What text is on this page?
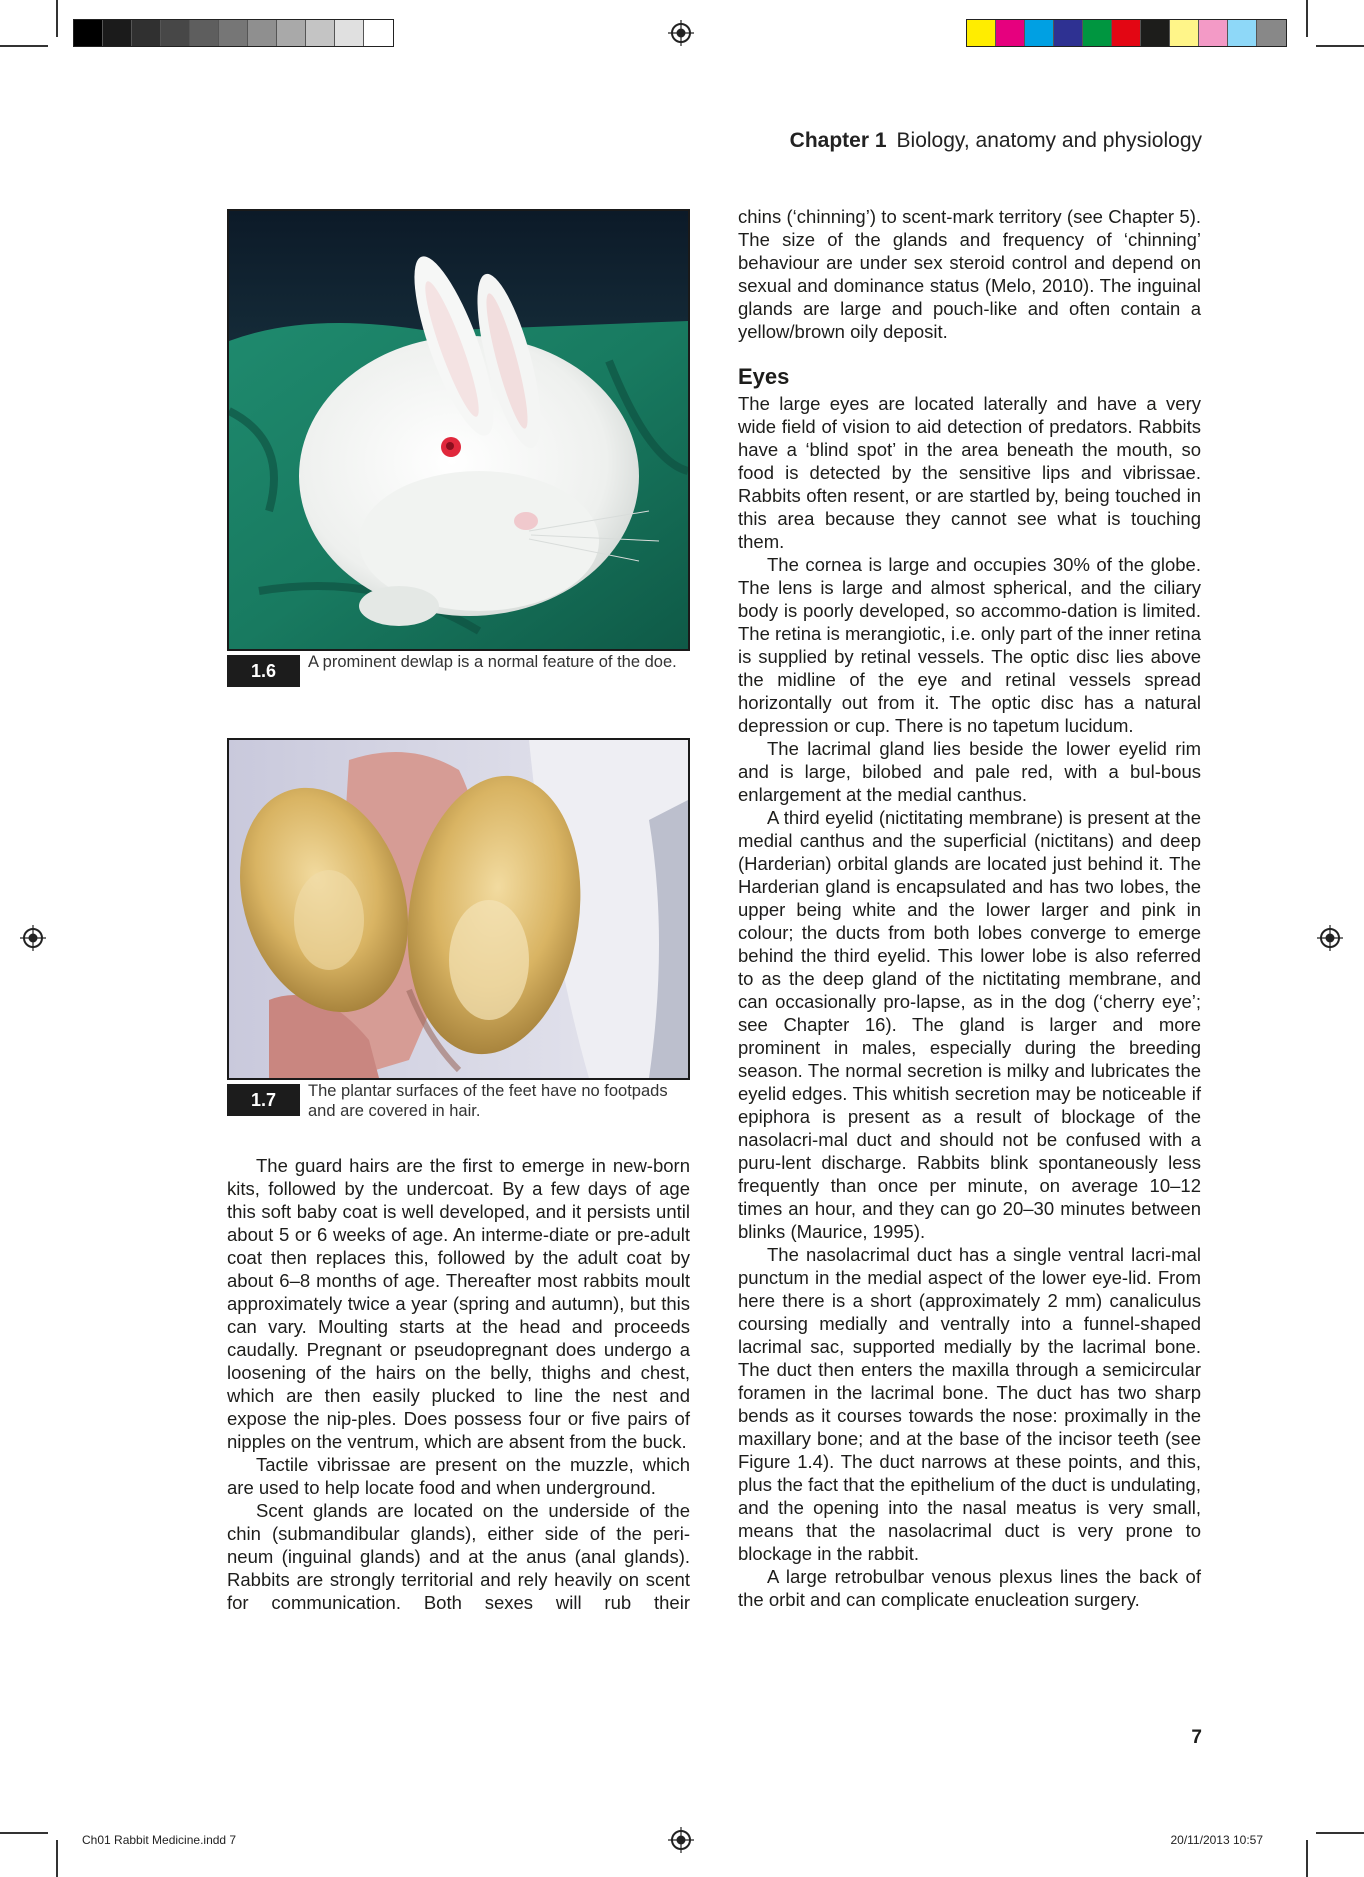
Chapter 1 Biology, anatomy and physiology
1.6	A prominent dewlap is a normal feature of the doe.
1.7	The plantar surfaces of the feet have no footpads and are covered in hair.

The guard hairs are the first to emerge in new-born kits, followed by the undercoat. By a few days of age this soft baby coat is well developed, and it persists until about 5 or 6 weeks of age. An interme-diate or pre-adult coat then replaces this, followed by the adult coat by about 6–8 months of age. Thereafter most rabbits moult approximately twice a year (spring and autumn), but this can vary. Moulting starts at the head and proceeds caudally. Pregnant or pseudopregnant does undergo a loosening of the hairs on the belly, thighs and chest, which are then easily plucked to line the nest and expose the nip-ples. Does possess four or five pairs of nipples on the ventrum, which are absent from the buck.

Tactile vibrissae are present on the muzzle, which are used to help locate food and when underground.

Scent glands are located on the underside of the chin (submandibular glands), either side of the peri-neum (inguinal glands) and at the anus (anal glands). Rabbits are strongly territorial and rely heavily on scent for communication. Both sexes will rub their

chins (‘chinning’) to scent-mark territory (see Chapter 5). The size of the glands and frequency of ‘chinning’ behaviour are under sex steroid control and depend on sexual and dominance status (Melo, 2010). The inguinal glands are large and pouch-like and often contain a yellow/brown oily deposit.

Eyes

The large eyes are located laterally and have a very wide field of vision to aid detection of predators. Rabbits have a ‘blind spot’ in the area beneath the mouth, so food is detected by the sensitive lips and vibrissae. Rabbits often resent, or are startled by, being touched in this area because they cannot see what is touching them.

The cornea is large and occupies 30% of the globe. The lens is large and almost spherical, and the ciliary body is poorly developed, so accommo-dation is limited. The retina is merangiotic, i.e. only part of the inner retina is supplied by retinal vessels. The optic disc lies above the midline of the eye and retinal vessels spread horizontally out from it. The optic disc has a natural depression or cup. There is no tapetum lucidum.

The lacrimal gland lies beside the lower eyelid rim and is large, bilobed and pale red, with a bul-bous enlargement at the medial canthus.

A third eyelid (nictitating membrane) is present at the medial canthus and the superficial (nictitans) and deep (Harderian) orbital glands are located just behind it. The Harderian gland is encapsulated and has two lobes, the upper being white and the lower larger and pink in colour; the ducts from both lobes converge to emerge behind the third eyelid. This lower lobe is also referred to as the deep gland of the nictitating membrane, and can occasionally pro-lapse, as in the dog (‘cherry eye’; see Chapter 16). The gland is larger and more prominent in males, especially during the breeding season. The normal secretion is milky and lubricates the eyelid edges. This whitish secretion may be noticeable if epiphora is present as a result of blockage of the nasolacri-mal duct and should not be confused with a puru-lent discharge. Rabbits blink spontaneously less frequently than once per minute, on average 10–12 times an hour, and they can go 20–30 minutes between blinks (Maurice, 1995).

The nasolacrimal duct has a single ventral lacri-mal punctum in the medial aspect of the lower eye-lid. From here there is a short (approximately 2 mm) canaliculus coursing medially and ventrally into a funnel-shaped lacrimal sac, supported medially by the lacrimal bone. The duct then enters the maxilla through a semicircular foramen in the lacrimal bone. The duct has two sharp bends as it courses towards the nose: proximally in the maxillary bone; and at the base of the incisor teeth (see Figure 1.4). The duct narrows at these points, and this, plus the fact that the epithelium of the duct is undulating, and the opening into the nasal meatus is very small, means that the nasolacrimal duct is very prone to blockage in the rabbit.

A large retrobulbar venous plexus lines the back of the orbit and can complicate enucleation surgery.

7
Ch01 Rabbit Medicine.indd 7	20/11/2013 10:57
